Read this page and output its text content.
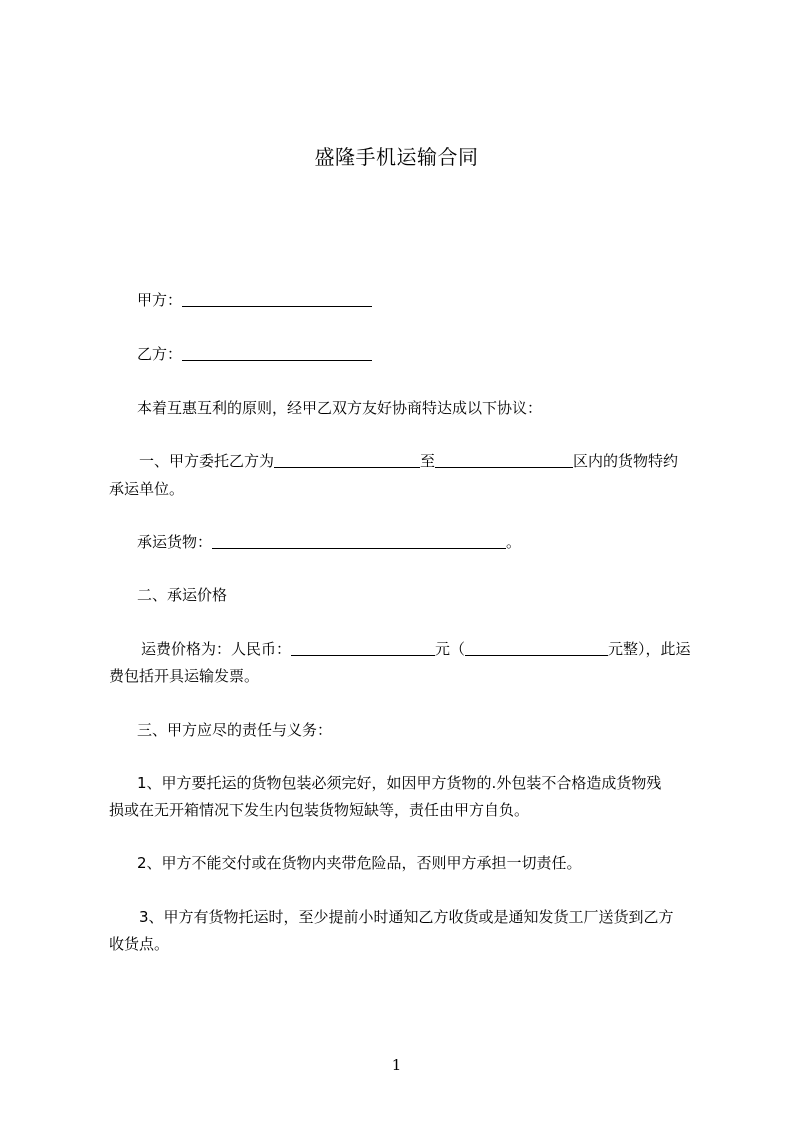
盛隆手机运输合同
甲方：
乙方：
本着互惠互利的原则，经甲乙双方友好协商特达成以下协议：
一、甲方委托乙方为	至	区内的货物特约
承运单位。
承运货物：	。
二、承运价格
运费价格为：人民币：	元（	元整），此运
费包括开具运输发票。
三、甲方应尽的责任与义务：
1、甲方要托运的货物包装必须完好，如因甲方货物的.外包装不合格造成货物残
损或在无开箱情况下发生内包装货物短缺等，责任由甲方自负。
2、甲方不能交付或在货物内夹带危险品，否则甲方承担一切责任。
3、甲方有货物托运时，至少提前小时通知乙方收货或是通知发货工厂送货到乙方
收货点。
1
